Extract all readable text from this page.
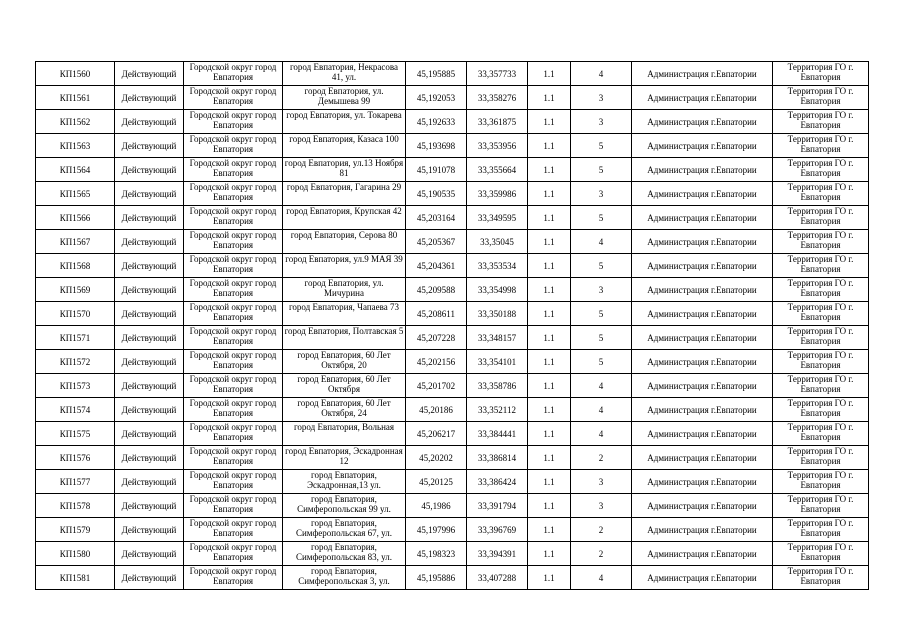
КП1560	Действующий	Городской округ город Евпатория	город Евпатория, Некрасова 41, ул.	45,195885	33,357733	1.1	4	Администрация г.Евпатории	Территория ГО г. Евпатория
КП1561	Действующий	Городской округ город Евпатория	город Евпатория, ул. Демышева 99	45,192053	33,358276	1.1	3	Администрация г.Евпатории	Территория ГО г. Евпатория
КП1562	Действующий	Городской округ город Евпатория	город Евпатория, ул. Токарева	45,192633	33,361875	1.1	3	Администрация г.Евпатории	Территория ГО г. Евпатория
КП1563	Действующий	Городской округ город Евпатория	город Евпатория, Казаса 100	45,193698	33,353956	1.1	5	Администрация г.Евпатории	Территория ГО г. Евпатория
КП1564	Действующий	Городской округ город Евпатория	город Евпатория, ул.13 Ноября 81	45,191078	33,355664	1.1	5	Администрация г.Евпатории	Территория ГО г. Евпатория
КП1565	Действующий	Городской округ город Евпатория	город Евпатория, Гагарина 29	45,190535	33,359986	1.1	3	Администрация г.Евпатории	Территория ГО г. Евпатория
КП1566	Действующий	Городской округ город Евпатория	город Евпатория, Крупская 42	45,203164	33,349595	1.1	5	Администрация г.Евпатории	Территория ГО г. Евпатория
КП1567	Действующий	Городской округ город Евпатория	город Евпатория, Серова 80	45,205367	33,35045	1.1	4	Администрация г.Евпатории	Территория ГО г. Евпатория
КП1568	Действующий	Городской округ город Евпатория	город Евпатория, ул.9 МАЯ 39	45,204361	33,353534	1.1	5	Администрация г.Евпатории	Территория ГО г. Евпатория
КП1569	Действующий	Городской округ город Евпатория	город Евпатория, ул. Мичурина	45,209588	33,354998	1.1	3	Администрация г.Евпатории	Территория ГО г. Евпатория
КП1570	Действующий	Городской округ город Евпатория	город Евпатория, Чапаева 73	45,208611	33,350188	1.1	5	Администрация г.Евпатории	Территория ГО г. Евпатория
КП1571	Действующий	Городской округ город Евпатория	город Евпатория, Полтавская 5	45,207228	33,348157	1.1	5	Администрация г.Евпатории	Территория ГО г. Евпатория
КП1572	Действующий	Городской округ город Евпатория	город Евпатория, 60 Лет Октября, 20	45,202156	33,354101	1.1	5	Администрация г.Евпатории	Территория ГО г. Евпатория
КП1573	Действующий	Городской округ город Евпатория	город Евпатория, 60 Лет Октября	45,201702	33,358786	1.1	4	Администрация г.Евпатории	Территория ГО г. Евпатория
КП1574	Действующий	Городской округ город Евпатория	город Евпатория, 60 Лет Октября, 24	45,20186	33,352112	1.1	4	Администрация г.Евпатории	Территория ГО г. Евпатория
КП1575	Действующий	Городской округ город Евпатория	город Евпатория, Вольная	45,206217	33,384441	1.1	4	Администрация г.Евпатории	Территория ГО г. Евпатория
КП1576	Действующий	Городской округ город Евпатория	город Евпатория, Эскадронная 12	45,20202	33,386814	1.1	2	Администрация г.Евпатории	Территория ГО г. Евпатория
КП1577	Действующий	Городской округ город Евпатория	город Евпатория, Эскадронная,13 ул.	45,20125	33,386424	1.1	3	Администрация г.Евпатории	Территория ГО г. Евпатория
КП1578	Действующий	Городской округ город Евпатория	город Евпатория, Симферопольская 99 ул.	45,1986	33,391794	1.1	3	Администрация г.Евпатории	Территория ГО г. Евпатория
КП1579	Действующий	Городской округ город Евпатория	город Евпатория, Симферопольская 67, ул.	45,197996	33,396769	1.1	2	Администрация г.Евпатории	Территория ГО г. Евпатория
КП1580	Действующий	Городской округ город Евпатория	город Евпатория, Симферопольская 83, ул.	45,198323	33,394391	1.1	2	Администрация г.Евпатории	Территория ГО г. Евпатория
КП1581	Действующий	Городской округ город Евпатория	город Евпатория, Симферопольская 3, ул.	45,195886	33,407288	1.1	4	Администрация г.Евпатории	Территория ГО г. Евпатория
